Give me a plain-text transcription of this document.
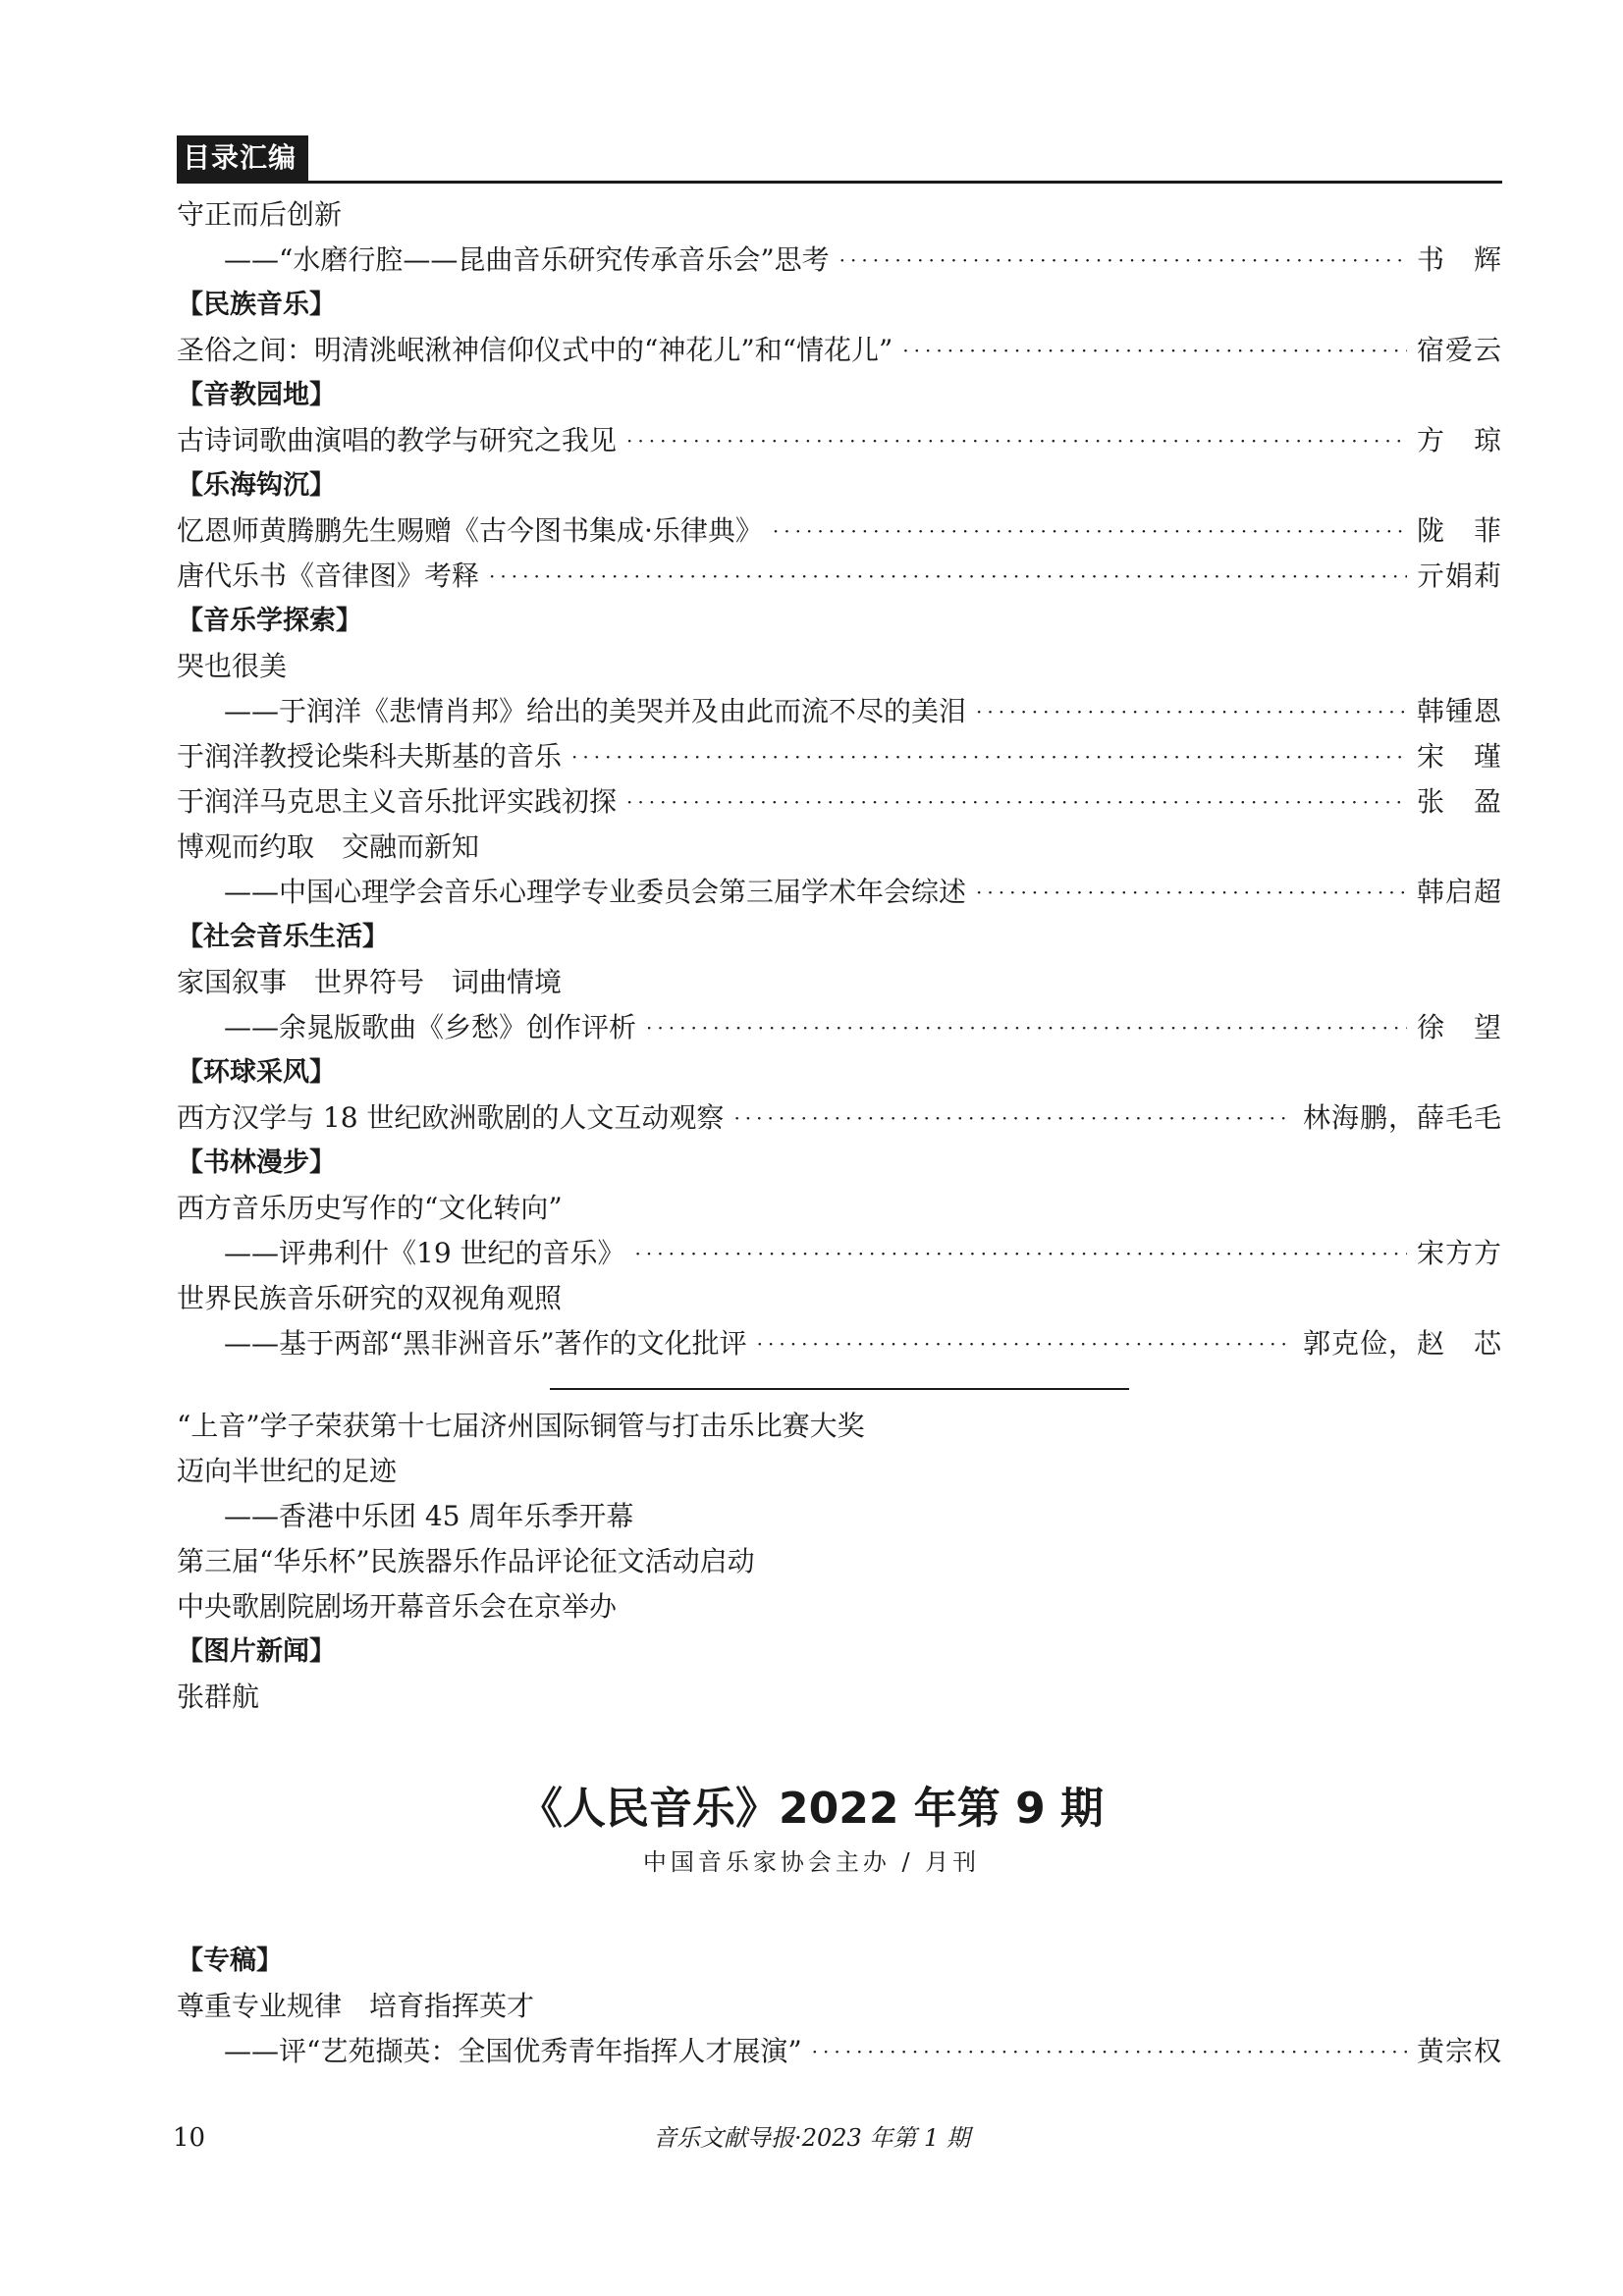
目录汇编
守正而后创新
——“水磨行腔——昆曲音乐研究传承音乐会”思考 ·····	书　辉
【民族音乐】
圣俗之间：明清洮岷湫神信仰仪式中的“神花儿”和“情花儿” ·····	宿爱云
【音教园地】
古诗词歌曲演唱的教学与研究之我见 ·····	方　琼
【乐海钩沉】
忆恩师黄腾鹏先生赐赠《古今图书集成·乐律典》 ·····	陇　菲
唐代乐书《音律图》考释 ·····	亓娟莉
【音乐学探索】
哭也很美
——于润洋《悲情肖邦》给出的美哭并及由此而流不尽的美泪 ·····	韩锺恩
于润洋教授论柴科夫斯基的音乐 ·····	宋　瑾
于润洋马克思主义音乐批评实践初探 ·····	张　盈
博观而约取　交融而新知
——中国心理学会音乐心理学专业委员会第三届学术年会综述 ·····	韩启超
【社会音乐生活】
家国叙事　世界符号　词曲情境
——余晁版歌曲《乡愁》创作评析 ·····	徐　望
【环球采风】
西方汉学与 18 世纪欧洲歌剧的人文互动观察 ·····	林海鹏，薛毛毛
【书林漫步】
西方音乐历史写作的“文化转向”
——评弗利什《19 世纪的音乐》 ·····	宋方方
世界民族音乐研究的双视角观照
——基于两部“黑非洲音乐”著作的文化批评 ·····	郭克俭，赵　芯
“上音”学子荣获第十七届济州国际铜管与打击乐比赛大奖
迈向半世纪的足迹
——香港中乐团 45 周年乐季开幕
第三届“华乐杯”民族器乐作品评论征文活动启动
中央歌剧院剧场开幕音乐会在京举办
【图片新闻】
张群航
《人民音乐》2022 年第 9 期
中国音乐家协会主办 / 月刊
【专稿】
尊重专业规律　培育指挥英才
——评“艺苑撷英：全国优秀青年指挥人才展演” ·····	黄宗权
10	音乐文献导报·2023 年第 1 期
